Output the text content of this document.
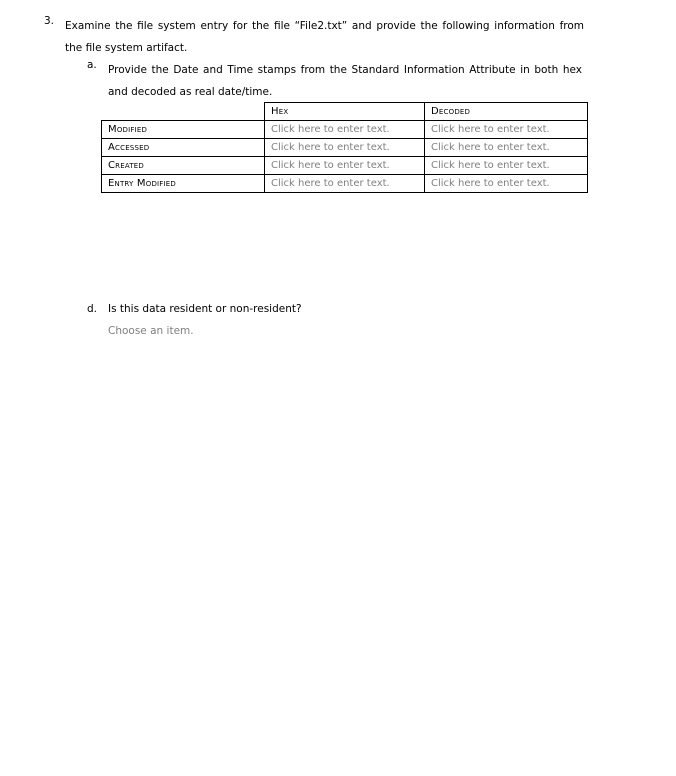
3. Examine the file system entry for the file “File2.txt” and provide the following information from the file system artifact.
a. Provide the Date and Time stamps from the Standard Information Attribute in both hex and decoded as real date/time.
	Hex	Decoded
Modified	Click here to enter text.	Click here to enter text.
Accessed	Click here to enter text.	Click here to enter text.
Created	Click here to enter text.	Click here to enter text.
Entry Modified	Click here to enter text.	Click here to enter text.
d. Is this data resident or non-resident?
Choose an item.
